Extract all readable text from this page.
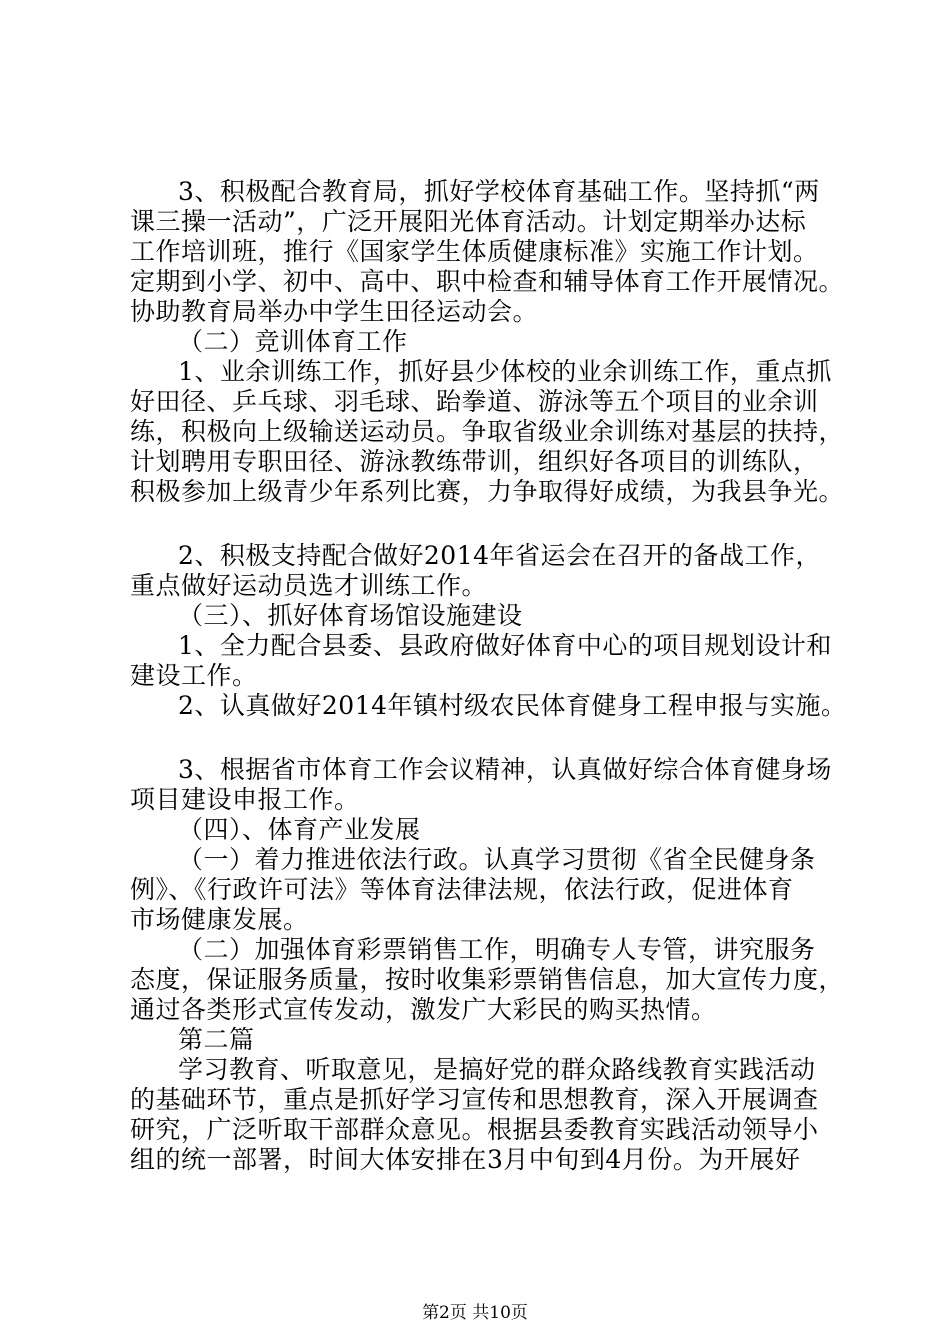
3、积极配合教育局，抓好学校体育基础工作。坚持抓“两
课三操一活动”，广泛开展阳光体育活动。计划定期举办达标
工作培训班，推行《国家学生体质健康标准》实施工作计划。
定期到小学、初中、高中、职中检查和辅导体育工作开展情况。
协助教育局举办中学生田径运动会。
（二）竞训体育工作
1、业余训练工作，抓好县少体校的业余训练工作，重点抓
好田径、乒乓球、羽毛球、跆拳道、游泳等五个项目的业余训
练，积极向上级输送运动员。争取省级业余训练对基层的扶持，
计划聘用专职田径、游泳教练带训，组织好各项目的训练队，
积极参加上级青少年系列比赛，力争取得好成绩，为我县争光。
2、积极支持配合做好2014年省运会在召开的备战工作，
重点做好运动员选才训练工作。
（三）、抓好体育场馆设施建设
1、全力配合县委、县政府做好体育中心的项目规划设计和
建设工作。
2、认真做好2014年镇村级农民体育健身工程申报与实施。
3、根据省市体育工作会议精神，认真做好综合体育健身场
项目建设申报工作。
（四）、体育产业发展
（一）着力推进依法行政。认真学习贯彻《省全民健身条
例》、《行政许可法》等体育法律法规，依法行政，促进体育
市场健康发展。
（二）加强体育彩票销售工作，明确专人专管，讲究服务
态度，保证服务质量，按时收集彩票销售信息，加大宣传力度，
通过各类形式宣传发动，激发广大彩民的购买热情。
第二篇
学习教育、听取意见，是搞好党的群众路线教育实践活动
的基础环节，重点是抓好学习宣传和思想教育，深入开展调查
研究，广泛听取干部群众意见。根据县委教育实践活动领导小
组的统一部署，时间大体安排在3月中旬到4月份。为开展好
第2页 共10页
